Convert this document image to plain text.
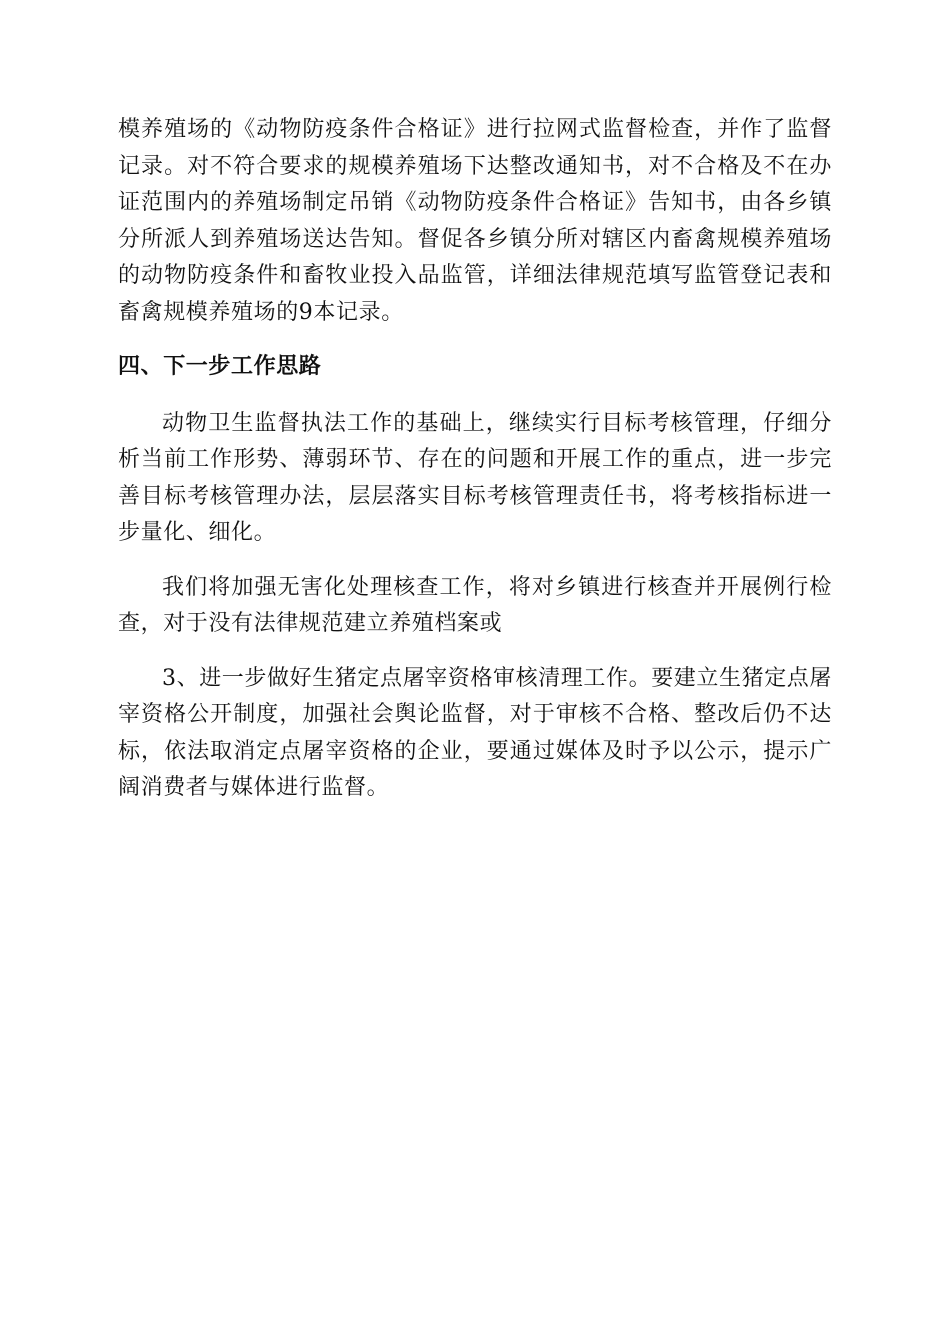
模养殖场的《动物防疫条件合格证》进行拉网式监督检查，并作了监督记录。对不符合要求的规模养殖场下达整改通知书，对不合格及不在办证范围内的养殖场制定吊销《动物防疫条件合格证》告知书，由各乡镇分所派人到养殖场送达告知。督促各乡镇分所对辖区内畜禽规模养殖场的动物防疫条件和畜牧业投入品监管，详细法律规范填写监管登记表和畜禽规模养殖场的9本记录。

四、下一步工作思路

动物卫生监督执法工作的基础上，继续实行目标考核管理，仔细分析当前工作形势、薄弱环节、存在的问题和开展工作的重点，进一步完善目标考核管理办法，层层落实目标考核管理责任书，将考核指标进一步量化、细化。

我们将加强无害化处理核查工作，将对乡镇进行核查并开展例行检查，对于没有法律规范建立养殖档案或

3、进一步做好生猪定点屠宰资格审核清理工作。要建立生猪定点屠宰资格公开制度，加强社会舆论监督，对于审核不合格、整改后仍不达标，依法取消定点屠宰资格的企业，要通过媒体及时予以公示，提示广阔消费者与媒体进行监督。
